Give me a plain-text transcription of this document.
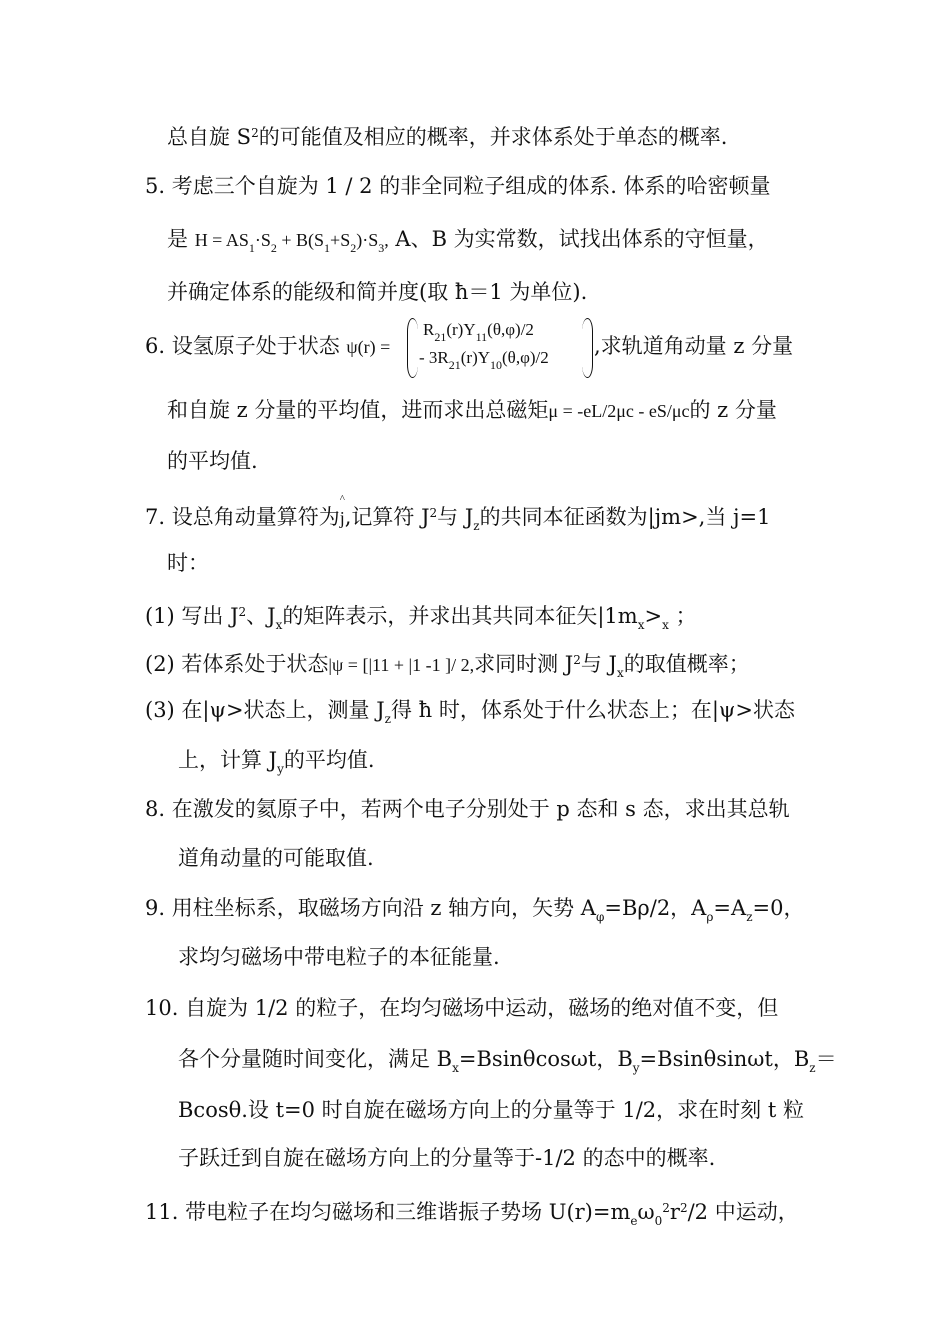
总自旋 $S^2$的可能值及相应的概率，并求体系处于单态的概率.
5. 考虑三个自旋为 1 / 2 的非全同粒子组成的体系. 体系的哈密顿量
是 $H = AS_1\cdot S_2 + B(S_1+S_2)\cdot S_3$, A、B 为实常数，试找出体系的守恒量，
并确定体系的能级和简并度(取 ħ＝1 为单位).
6. 设氢原子处于状态 ψ(r) =
$R_{21}(r)Y_{11}(\theta,\varphi)/2$
- $3R_{21}(r)Y_{10}(\theta,\varphi)/2$ ,求轨道角动量 z 分量
和自旋 z 分量的平均值，进而求出总磁矩μ = -eL/2μc - eS/μc的 z 分量
的平均值.
7. 设总角动量算符为^ j,记算符 $J^2$与 $J_z$的共同本征函数为|jm>,当 j=1
时：
(1) 写出 $J^2$、$J_x$的矩阵表示，并求出其共同本征矢$|1m_x>_x$ ；
(2) 若体系处于状态|ψ = [|11 + |1 -1 ]/ 2,求同时测 $J^2$与 $J_x$的取值概率；
(3) 在|ψ>状态上，测量 $J_z$得 ħ 时，体系处于什么状态上；在|ψ>状态
上，计算 $J_y$的平均值.
8. 在激发的氦原子中，若两个电子分别处于 p 态和 s 态，求出其总轨
道角动量的可能取值.
9. 用柱坐标系，取磁场方向沿 z 轴方向，矢势 $A_\varphi=B\rho/2$，$A_\rho=A_z=0$，
求均匀磁场中带电粒子的本征能量.
10. 自旋为 1/2 的粒子，在均匀磁场中运动，磁场的绝对值不变，但
各个分量随时间变化，满足 $B_x=Bsin\theta\cos\omega t$，$B_y=Bsin\theta\sin\omega t$，$B_z=$
Bcosθ.设 t=0 时自旋在磁场方向上的分量等于 1/2，求在时刻 t 粒
子跃迁到自旋在磁场方向上的分量等于-1/2 的态中的概率.
11. 带电粒子在均匀磁场和三维谐振子势场 $U(r)=m_e\omega_0^2r^2/2$ 中运动，
